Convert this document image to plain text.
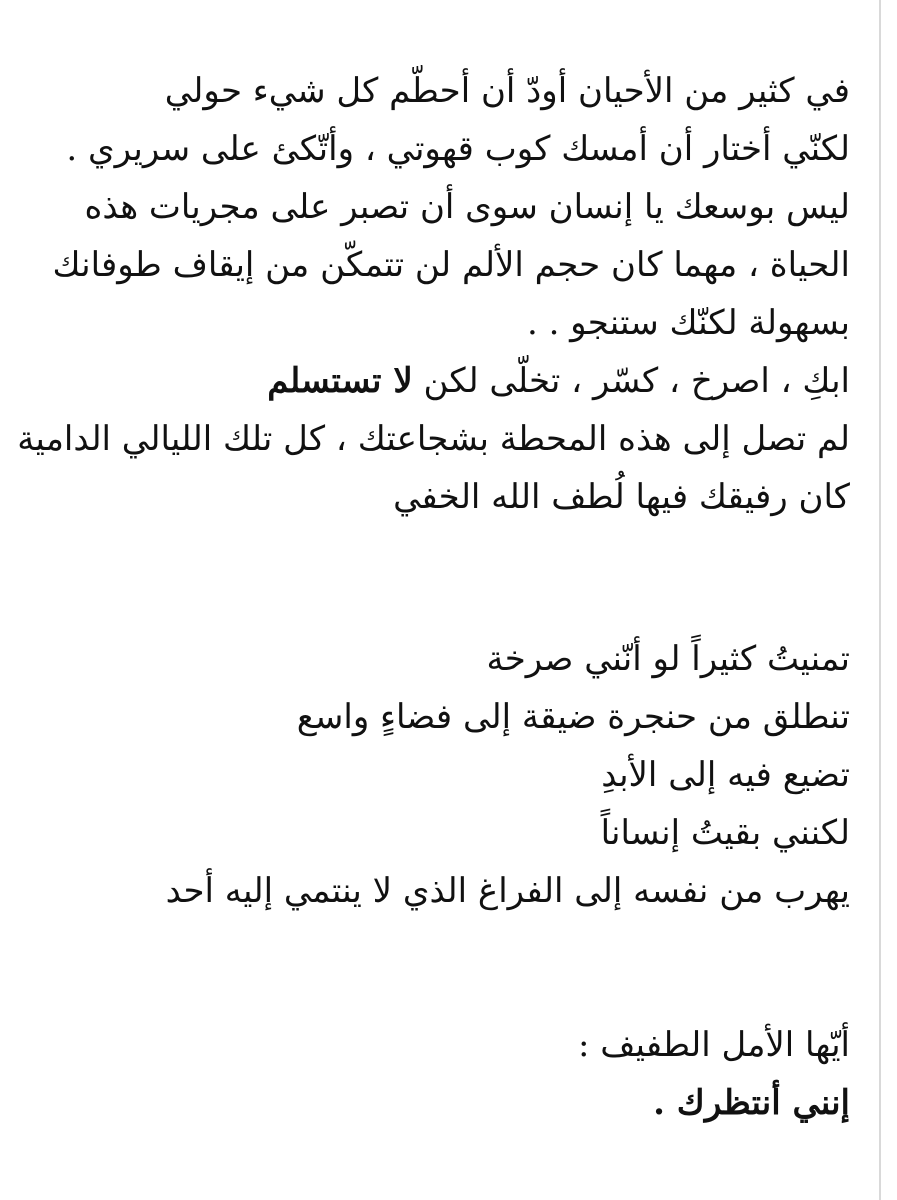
في كثير من الأحيان أودّ أن أحطّم كل شيء حولي
لكنّي أختار أن أمسك كوب قهوتي ، وأتّكئ على سريري .
ليس بوسعك يا إنسان سوى أن تصبر على مجريات هذه
الحياة ، مهما كان حجم الألم لن تتمكّن من إيقاف طوفانك
بسهولة لكنّك ستنجو . .
ابكِ ، اصرخ ، كسّر ، تخلّى لكن لا تستسلم
لم تصل إلى هذه المحطة بشجاعتك ، كل تلك الليالي الدامية
كان رفيقك فيها لُطف الله الخفي
تمنيتُ كثيراً لو أنّني صرخة
تنطلق من حنجرة ضيقة إلى فضاءٍ واسع
تضيع فيه إلى الأبدِ
لكنني بقيتُ إنساناً
يهرب من نفسه إلى الفراغ الذي لا ينتمي إليه أحد
أيّها الأمل الطفيف :
إنني أنتظرك .
